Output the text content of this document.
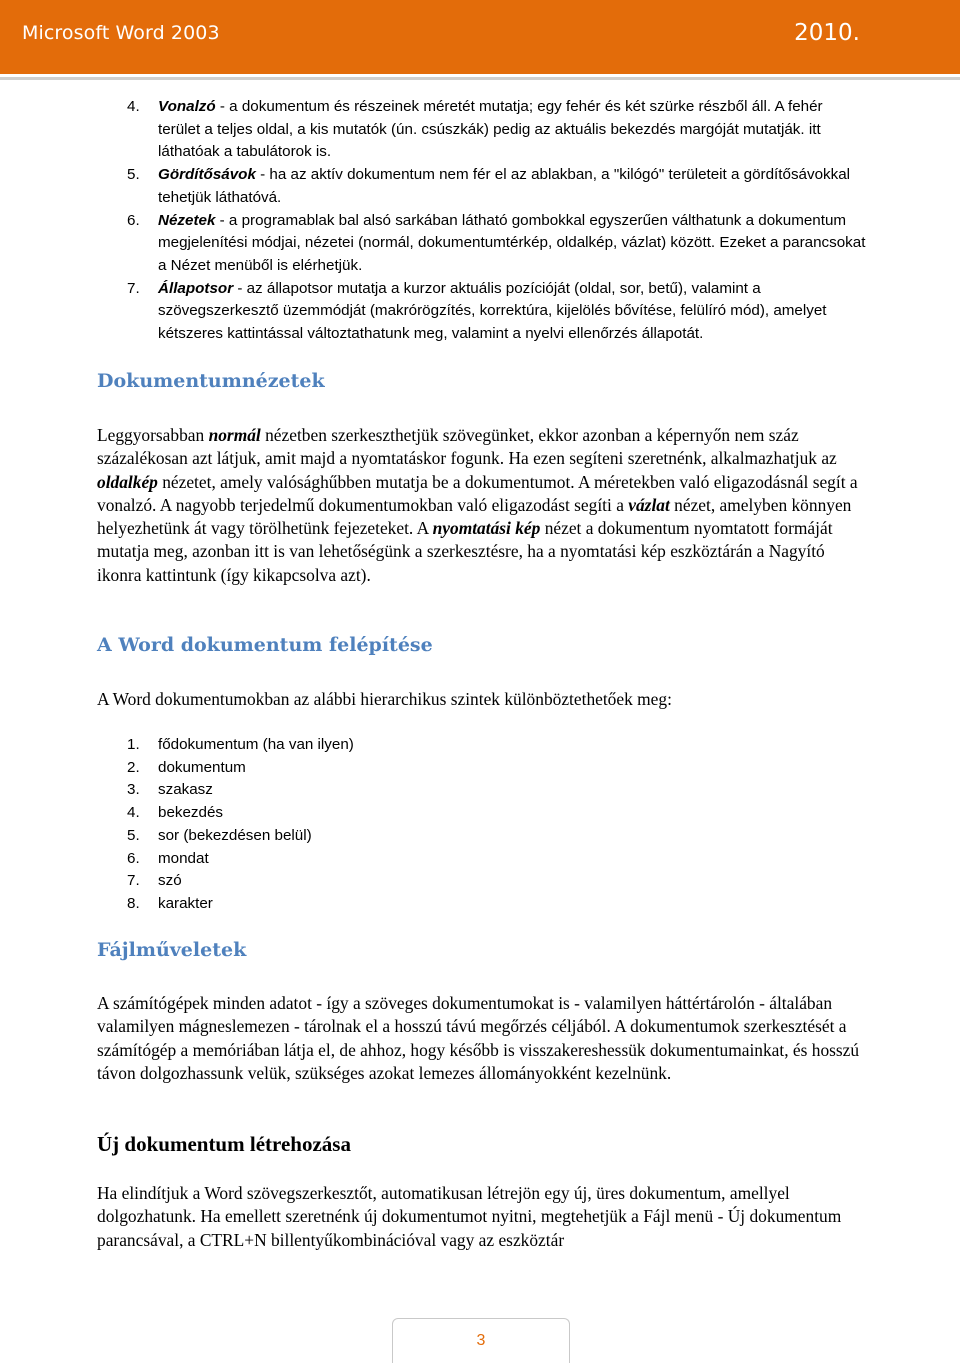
Microsoft Word 2003	2010.
4. Vonalzó - a dokumentum és részeinek méretét mutatja; egy fehér és két szürke részből áll. A fehér terület a teljes oldal, a kis mutatók (ún. csúszkák) pedig az aktuális bekezdés margóját mutatják. itt láthatóak a tabulátorok is.
5. Gördítősávok - ha az aktív dokumentum nem fér el az ablakban, a "kilógó" területeit a gördítősávokkal tehetjük láthatóvá.
6. Nézetek - a programablak bal alsó sarkában látható gombokkal egyszerűen válthatunk a dokumentum megjelenítési módjai, nézetei (normál, dokumentumtérkép, oldalkép, vázlat) között. Ezeket a parancsokat a Nézet menüből is elérhetjük.
7. Állapotsor - az állapotsor mutatja a kurzor aktuális pozícióját (oldal, sor, betű), valamint a szövegszerkesztő üzemmódját (makrórögzítés, korrektúra, kijelölés bővítése, felülíró mód), amelyet kétszeres kattintással változtathatunk meg, valamint a nyelvi ellenőrzés állapotát.
Dokumentumnézetek

Leggyorsabban normál nézetben szerkeszthetjük szövegünket, ekkor azonban a képernyőn nem száz százalékosan azt látjuk, amit majd a nyomtatáskor fogunk. Ha ezen segíteni szeretnénk, alkalmazhatjuk az oldalkép nézetet, amely valósághűbben mutatja be a dokumentumot. A méretekben való eligazodásnál segít a vonalzó. A nagyobb terjedelmű dokumentumokban való eligazodást segíti a vázlat nézet, amelyben könnyen helyezhetünk át vagy törölhetünk fejezeteket. A nyomtatási kép nézet a dokumentum nyomtatott formáját mutatja meg, azonban itt is van lehetőségünk a szerkesztésre, ha a nyomtatási kép eszköztárán a Nagyító ikonra kattintunk (így kikapcsolva azt).

A Word dokumentum felépítése

A Word dokumentumokban az alábbi hierarchikus szintek különböztethetőek meg:

1. fődokumentum (ha van ilyen)
2. dokumentum
3. szakasz
4. bekezdés
5. sor (bekezdésen belül)
6. mondat
7. szó
8. karakter
Fájlműveletek

A számítógépek minden adatot - így a szöveges dokumentumokat is - valamilyen háttértárolón - általában valamilyen mágneslemezen - tárolnak el a hosszú távú megőrzés céljából. A dokumentumok szerkesztését a számítógép a memóriában látja el, de ahhoz, hogy később is visszakereshessük dokumentumainkat, és hosszú távon dolgozhassunk velük, szükséges azokat lemezes állományokként kezelnünk.

Új dokumentum létrehozása

Ha elindítjuk a Word szövegszerkesztőt, automatikusan létrejön egy új, üres dokumentum, amellyel dolgozhatunk. Ha emellett szeretnénk új dokumentumot nyitni, megtehetjük a Fájl menü - Új dokumentum parancsával, a CTRL+N billentyűkombinációval vagy az eszköztár

3
